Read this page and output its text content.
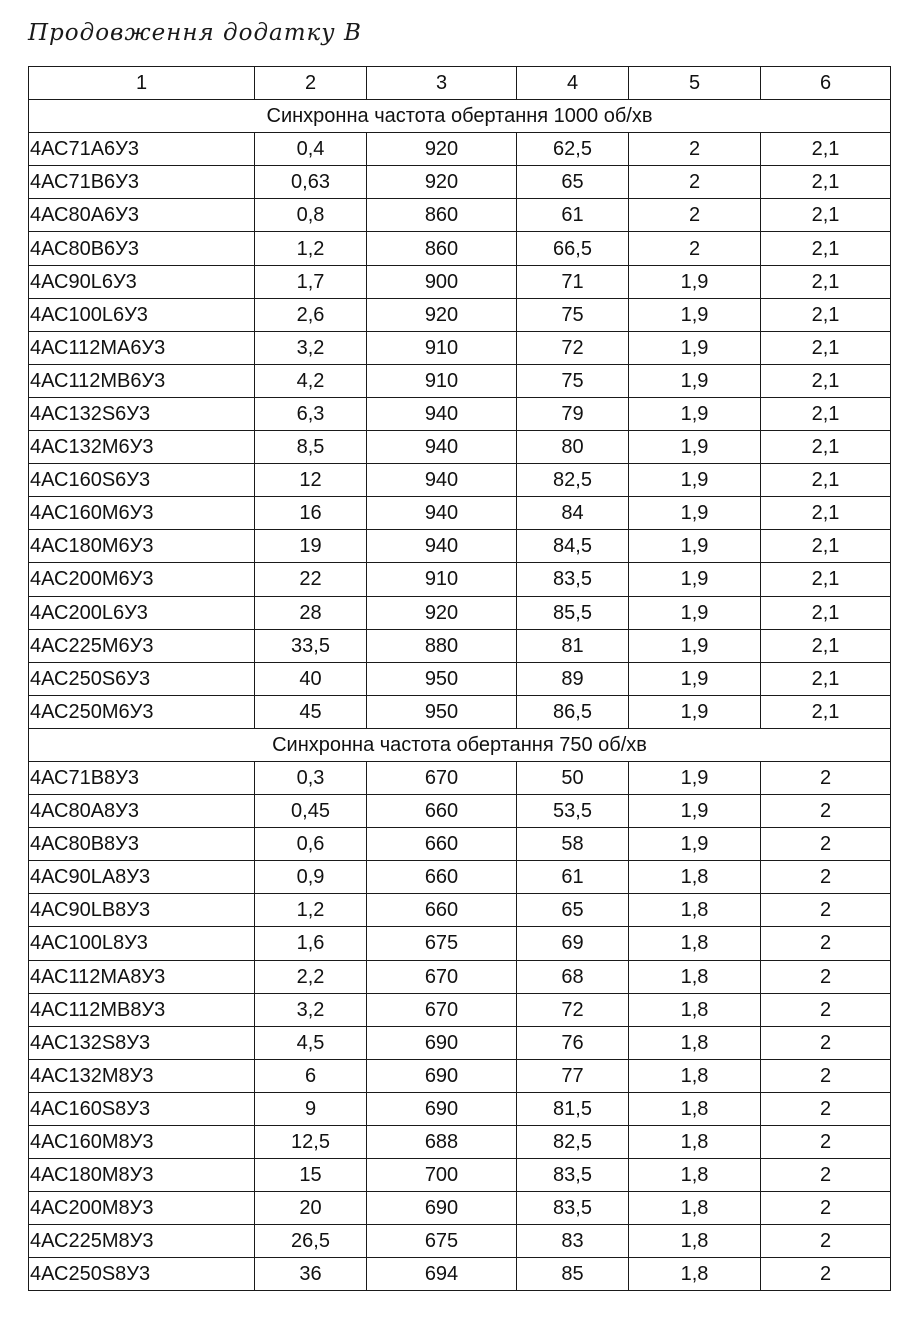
Продовження додатку В
1	2	3	4	5	6
Синхронна частота обертання 1000 об/хв					
4АС71А6У3	0,4	920	62,5	2	2,1
4АС71В6У3	0,63	920	65	2	2,1
4АС80А6У3	0,8	860	61	2	2,1
4АС80В6У3	1,2	860	66,5	2	2,1
4АС90L6У3	1,7	900	71	1,9	2,1
4АС100L6У3	2,6	920	75	1,9	2,1
4АС112МА6У3	3,2	910	72	1,9	2,1
4АС112МВ6У3	4,2	910	75	1,9	2,1
4АС132S6У3	6,3	940	79	1,9	2,1
4АС132М6У3	8,5	940	80	1,9	2,1
4АС160S6У3	12	940	82,5	1,9	2,1
4АС160М6У3	16	940	84	1,9	2,1
4АС180М6У3	19	940	84,5	1,9	2,1
4АС200М6У3	22	910	83,5	1,9	2,1
4АС200L6У3	28	920	85,5	1,9	2,1
4АС225М6У3	33,5	880	81	1,9	2,1
4АС250S6У3	40	950	89	1,9	2,1
4АС250М6У3	45	950	86,5	1,9	2,1
Синхронна частота обертання 750 об/хв					
4АС71В8У3	0,3	670	50	1,9	2
4АС80А8У3	0,45	660	53,5	1,9	2
4АС80В8У3	0,6	660	58	1,9	2
4АС90LА8У3	0,9	660	61	1,8	2
4АС90LВ8У3	1,2	660	65	1,8	2
4АС100L8У3	1,6	675	69	1,8	2
4АС112МА8У3	2,2	670	68	1,8	2
4АС112МВ8У3	3,2	670	72	1,8	2
4АС132S8У3	4,5	690	76	1,8	2
4АС132М8У3	6	690	77	1,8	2
4АС160S8У3	9	690	81,5	1,8	2
4АС160М8У3	12,5	688	82,5	1,8	2
4АС180М8У3	15	700	83,5	1,8	2
4АС200М8У3	20	690	83,5	1,8	2
4АС225М8У3	26,5	675	83	1,8	2
4АС250S8У3	36	694	85	1,8	2
